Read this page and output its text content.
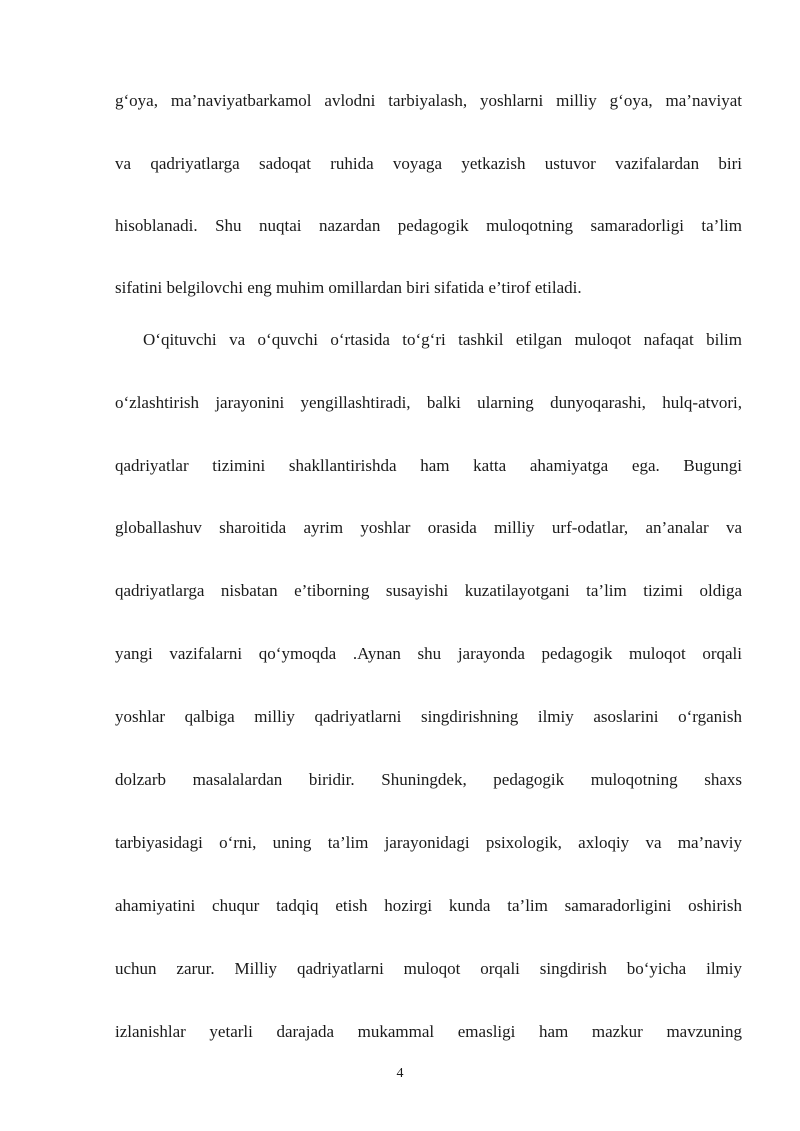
g‘oya, ma’naviyatbarkamol avlodni tarbiyalash, yoshlarni milliy g‘oya, ma’naviyat
va qadriyatlarga sadoqat ruhida voyaga yetkazish ustuvor vazifalardan biri
hisoblanadi. Shu nuqtai nazardan pedagogik muloqotning samaradorligi ta’lim
sifatini belgilovchi eng muhim omillardan biri sifatida e’tirof etiladi.
O‘qituvchi va o‘quvchi o‘rtasida to‘g‘ri tashkil etilgan muloqot nafaqat bilim
o‘zlashtirish jarayonini yengillashtiradi, balki ularning dunyoqarashi, hulq-atvori,
qadriyatlar tizimini shakllantirishda ham katta ahamiyatga ega. Bugungi
globallashuv sharoitida ayrim yoshlar orasida milliy urf-odatlar, an’analar va
qadriyatlarga nisbatan e’tiborning susayishi kuzatilayotgani ta’lim tizimi oldiga
yangi vazifalarni qo‘ymoqda .Aynan shu jarayonda pedagogik muloqot orqali
yoshlar qalbiga milliy qadriyatlarni singdirishning ilmiy asoslarini o‘rganish
dolzarb masalalardan biridir. Shuningdek, pedagogik muloqotning shaxs
tarbiyasidagi o‘rni, uning ta’lim jarayonidagi psixologik, axloqiy va ma’naviy
ahamiyatini chuqur tadqiq etish hozirgi kunda ta’lim samaradorligini oshirish
uchun zarur. Milliy qadriyatlarni muloqot orqali singdirish bo‘yicha ilmiy
izlanishlar yetarli darajada mukammal emasligi ham mazkur mavzuning
4
